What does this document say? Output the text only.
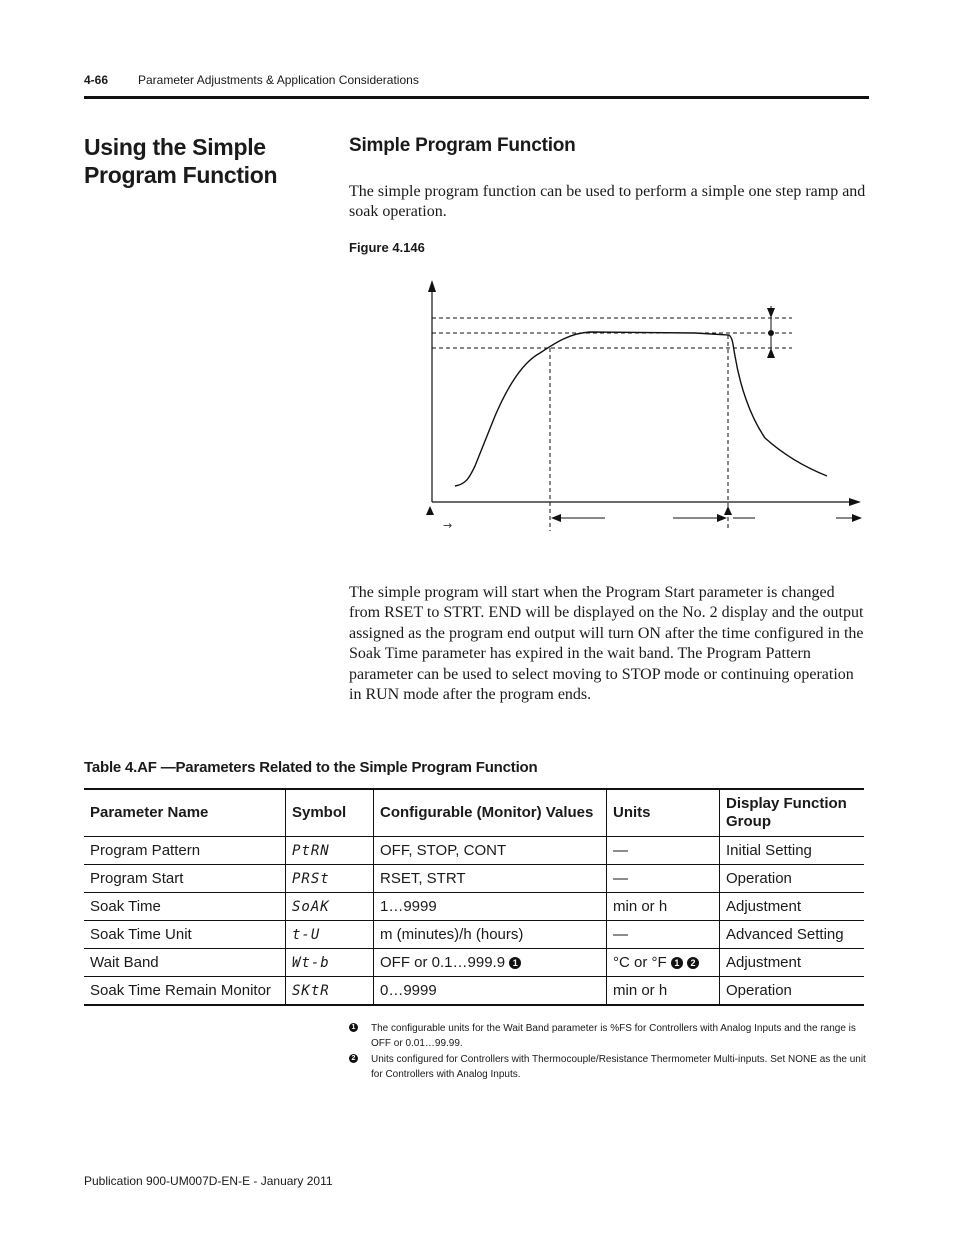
4-66 Parameter Adjustments & Application Considerations
Using the Simple Program Function
Simple Program Function
The simple program function can be used to perform a simple one step ramp and soak operation.
Figure 4.146
→
The simple program will start when the Program Start parameter is changed from RSET to STRT. END will be displayed on the No. 2 display and the output assigned as the program end output will turn ON after the time configured in the Soak Time parameter has expired in the wait band. The Program Pattern parameter can be used to select moving to STOP mode or continuing operation in RUN mode after the program ends.
Table 4.AF —Parameters Related to the Simple Program Function
Parameter Name	Symbol	Configurable (Monitor) Values	Units	Display Function Group
Program Pattern	PtRN	OFF, STOP, CONT	—	Initial Setting
Program Start	PRSt	RSET, STRT	—	Operation
Soak Time	SoAK	1…9999	min or h	Adjustment
Soak Time Unit	t-U	m (minutes)/h (hours)	—	Advanced Setting
Wait Band	Wt-b	OFF or 0.1…999.9 1	°C or °F 1 2	Adjustment
Soak Time Remain Monitor	SKtR	0…9999	min or h	Operation
1 The configurable units for the Wait Band parameter is %FS for Controllers with Analog Inputs and the range is OFF or 0.01…99.99.
2 Units configured for Controllers with Thermocouple/Resistance Thermometer Multi-inputs. Set NONE as the unit for Controllers with Analog Inputs.
Publication 900-UM007D-EN-E - January 2011
